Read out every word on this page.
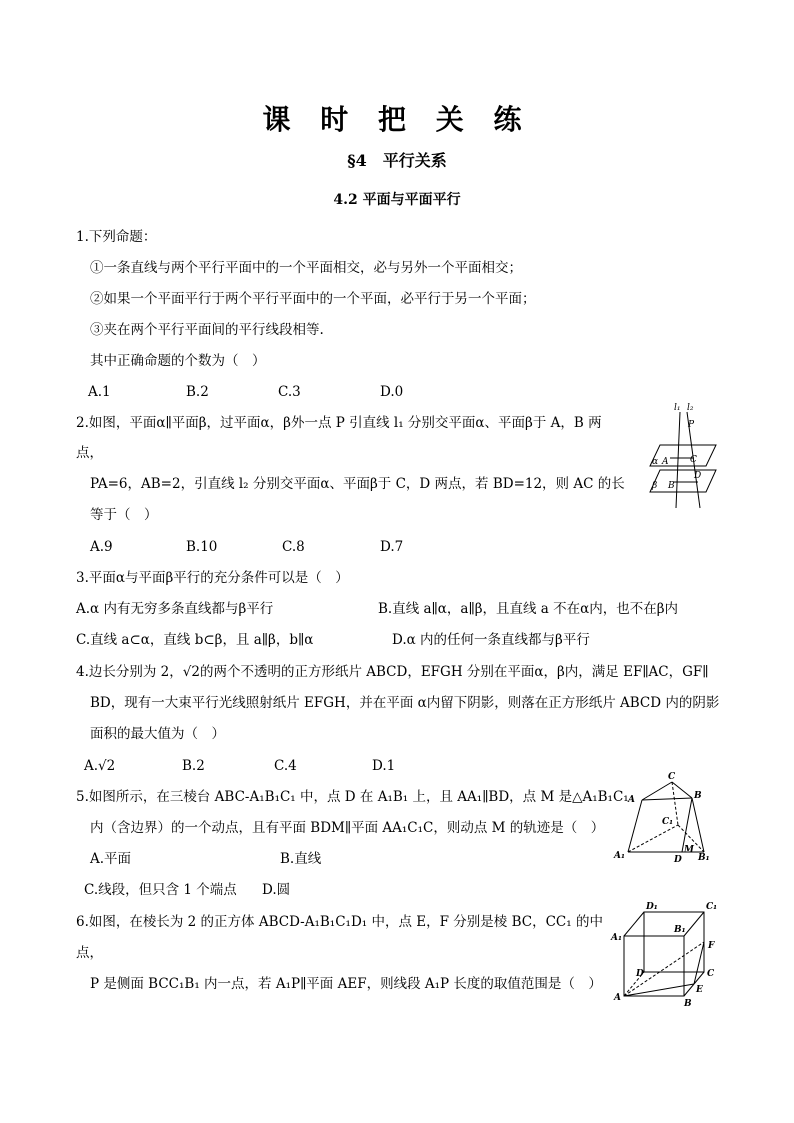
课 时 把 关 练
§4　平行关系
4.2 平面与平面平行
1.下列命题：
①一条直线与两个平行平面中的一个平面相交，必与另外一个平面相交；
②如果一个平面平行于两个平行平面中的一个平面，必平行于另一个平面；
③夹在两个平行平面间的平行线段相等.
其中正确命题的个数为（　）
A.1	B.2	C.3	D.0
2.如图，平面α∥平面β，过平面α，β外一点 P 引直线 l₁ 分别交平面α、平面β于 A，B 两
点，
PA=6，AB=2，引直线 l₂ 分别交平面α、平面β于 C，D 两点，若 BD=12，则 AC 的长
等于（　）
A.9	B.10	C.8	D.7
l₁ l₂
P
α A C
D
β B
3.平面α与平面β平行的充分条件可以是（　）
A.α 内有无穷多条直线都与β平行	B.直线 a∥α，a∥β，且直线 a 不在α内，也不在β内
C.直线 a⊂α，直线 b⊂β，且 a∥β，b∥α	D.α 内的任何一条直线都与β平行
4.边长分别为 2，√2的两个不透明的正方形纸片 ABCD，EFGH 分别在平面α，β内，满足 EF∥AC，GF∥
BD，现有一大束平行光线照射纸片 EFGH，并在平面 α内留下阴影，则落在正方形纸片 ABCD 内的阴影
面积的最大值为（　）
A.√2	B.2	C.4	D.1
5.如图所示，在三棱台 ABC-A₁B₁C₁ 中，点 D 在 A₁B₁ 上，且 AA₁∥BD，点 M 是△A₁B₁C₁
内（含边界）的一个动点，且有平面 BDM∥平面 AA₁C₁C，则动点 M 的轨迹是（　）
A.平面	B.直线
C.线段，但只含 1 个端点 D.圆
C
A	B
C₁
A₁	D
M
B₁
6.如图，在棱长为 2 的正方体 ABCD-A₁B₁C₁D₁ 中，点 E，F 分别是棱 BC，CC₁ 的中
点，
P 是侧面 BCC₁B₁ 内一点，若 A₁P∥平面 AEF，则线段 A₁P 长度的取值范围是（　）
D₁	C₁
A₁
B₁
F
D	C
A
E
B
